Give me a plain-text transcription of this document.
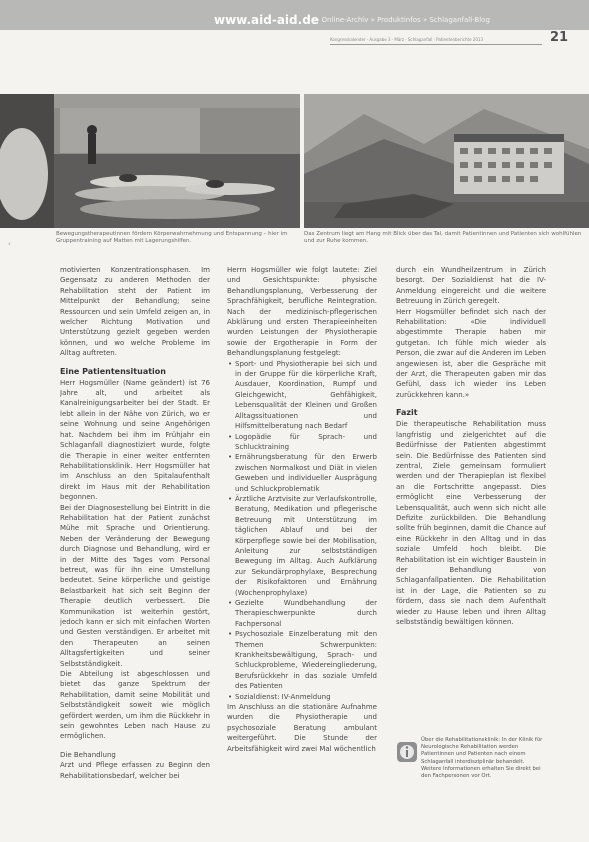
www.aid-aid.de
» Online-Archiv » Produktinfos » Schlaganfall-Blog
21
Kongresskalender · Ausgabe 3 · März · Schlaganfall · Patientenberichte 2013
Bewegungstherapeutinnen fördern Körperwahrnehmung und Entspannung – hier im Gruppentraining auf Matten mit Lagerungshilfen.
Das Zentrum liegt am Hang mit Blick über das Tal, damit Patientinnen und Patienten sich wohlfühlen und zur Ruhe kommen.
‹

motivierten Konzentrationsphasen. Im Gegensatz zu anderen Methoden der Rehabilitation steht der Patient im Mittelpunkt der Behandlung; seine Ressourcen und sein Umfeld zeigen an, in welcher Richtung Motivation und Unterstützung gezielt gegeben werden können, und wo welche Probleme im Alltag auftreten.

Eine Patientensituation

Herr Hogsmüller (Name geändert) ist 76 Jahre alt, und arbeitet als Kanalreinigungsarbeiter bei der Stadt. Er lebt allein in der Nähe von Zürich, wo er seine Wohnung und seine Angehörigen hat. Nachdem bei ihm im Frühjahr ein Schlaganfall diagnostiziert wurde, folgte die Therapie in einer weiter entfernten Rehabilitationsklinik. Herr Hogsmüller hat im Anschluss an den Spitalaufenthalt direkt im Haus mit der Rehabilitation begonnen.

Bei der Diagnosestellung bei Eintritt in die Rehabilitation hat der Patient zunächst Mühe mit Sprache und Orientierung. Neben der Veränderung der Bewegung durch Diagnose und Behandlung, wird er in der Mitte des Tages vom Personal betreut, was für ihn eine Umstellung bedeutet. Seine körperliche und geistige Belastbarkeit hat sich seit Beginn der Therapie deutlich verbessert. Die Kommunikation ist weiterhin gestört, jedoch kann er sich mit einfachen Worten und Gesten verständigen. Er arbeitet mit den Therapeuten an seinen Alltagsfertigkeiten und seiner Selbstständigkeit.

Die Abteilung ist abgeschlossen und bietet das ganze Spektrum der Rehabilitation, damit seine Mobilität und Selbstständigkeit soweit wie möglich gefördert werden, um ihm die Rückkehr in sein gewohntes Leben nach Hause zu ermöglichen.

Die Behandlung

Arzt und Pflege erfassen zu Beginn den Rehabilitationsbedarf, welcher bei

Herrn Hogsmüller wie folgt lautete: Ziel und Gesichtspunkte: physische Behandlungsplanung, Verbesserung der Sprachfähigkeit, berufliche Reintegration. Nach der medizinisch-pflegerischen Abklärung und ersten Therapieeinheiten wurden Leistungen der Physiotherapie sowie der Ergotherapie in Form der Behandlungsplanung festgelegt:

• Sport- und Physiotherapie bei sich und in der Gruppe für die körperliche Kraft, Ausdauer, Koordination, Rumpf und Gleichgewicht, Gehfähigkeit, Lebensqualität der Kleinen und Großen Alltagssituationen und Hilfsmittelberatung nach Bedarf
• Logopädie für Sprach- und Schlucktraining
• Ernährungsberatung für den Erwerb zwischen Normalkost und Diät in vielen Geweben und individueller Ausprägung und Schluckproblematik
• Ärztliche Arztvisite zur Verlaufskontrolle, Beratung, Medikation und pflegerische Betreuung mit Unterstützung im täglichen Ablauf und bei der Körperpflege sowie bei der Mobilisation, Anleitung zur selbstständigen Bewegung im Alltag. Auch Aufklärung zur Sekundärprophylaxe, Besprechung der Risikofaktoren und Ernährung (Wochenprophylaxe)
• Gezielte Wundbehandlung der Therapieschwerpunkte durch Fachpersonal
• Psychosoziale Einzelberatung mit den Themen Schwerpunkten: Krankheitsbewältigung, Sprach- und Schluckprobleme, Wiedereingliederung, Berufsrückkehr in das soziale Umfeld des Patienten
• Sozialdienst: IV-Anmeldung

Im Anschluss an die stationäre Aufnahme wurden die Physiotherapie und psychosoziale Beratung ambulant weitergeführt. Die Stunde der Arbeitsfähigkeit wird zwei Mal wöchentlich

durch ein Wundheilzentrum in Zürich besorgt. Der Sozialdienst hat die IV-Anmeldung eingereicht und die weitere Betreuung in Zürich geregelt.

Herr Hogsmüller befindet sich nach der Rehabilitation: «Die individuell abgestimmte Therapie haben mir gutgetan. Ich fühle mich wieder als Person, die zwar auf die Anderen im Leben angewiesen ist, aber die Gespräche mit der Arzt, die Therapeuten gaben mir das Gefühl, dass ich wieder ins Leben zurückkehren kann.»

Fazit

Die therapeutische Rehabilitation muss langfristig und zielgerichtet auf die Bedürfnisse der Patienten abgestimmt sein. Die Bedürfnisse des Patienten sind zentral, Ziele gemeinsam formuliert werden und der Therapieplan ist flexibel an die Fortschritte angepasst. Dies ermöglicht eine Verbesserung der Lebensqualität, auch wenn sich nicht alle Defizite zurückbilden. Die Behandlung sollte früh beginnen, damit die Chance auf eine Rückkehr in den Alltag und in das soziale Umfeld hoch bleibt. Die Rehabilitation ist ein wichtiger Baustein in der Behandlung von Schlaganfallpatienten. Die Rehabilitation ist in der Lage, die Patienten so zu fördern, dass sie nach dem Aufenthalt wieder zu Hause leben und ihren Alltag selbstständig bewältigen können.

Über die Rehabilitationsklinik: In der Klinik für Neurologische Rehabilitation werden Patientinnen und Patienten nach einem Schlaganfall interdisziplinär behandelt. Weitere Informationen erhalten Sie direkt bei den Fachpersonen vor Ort.
